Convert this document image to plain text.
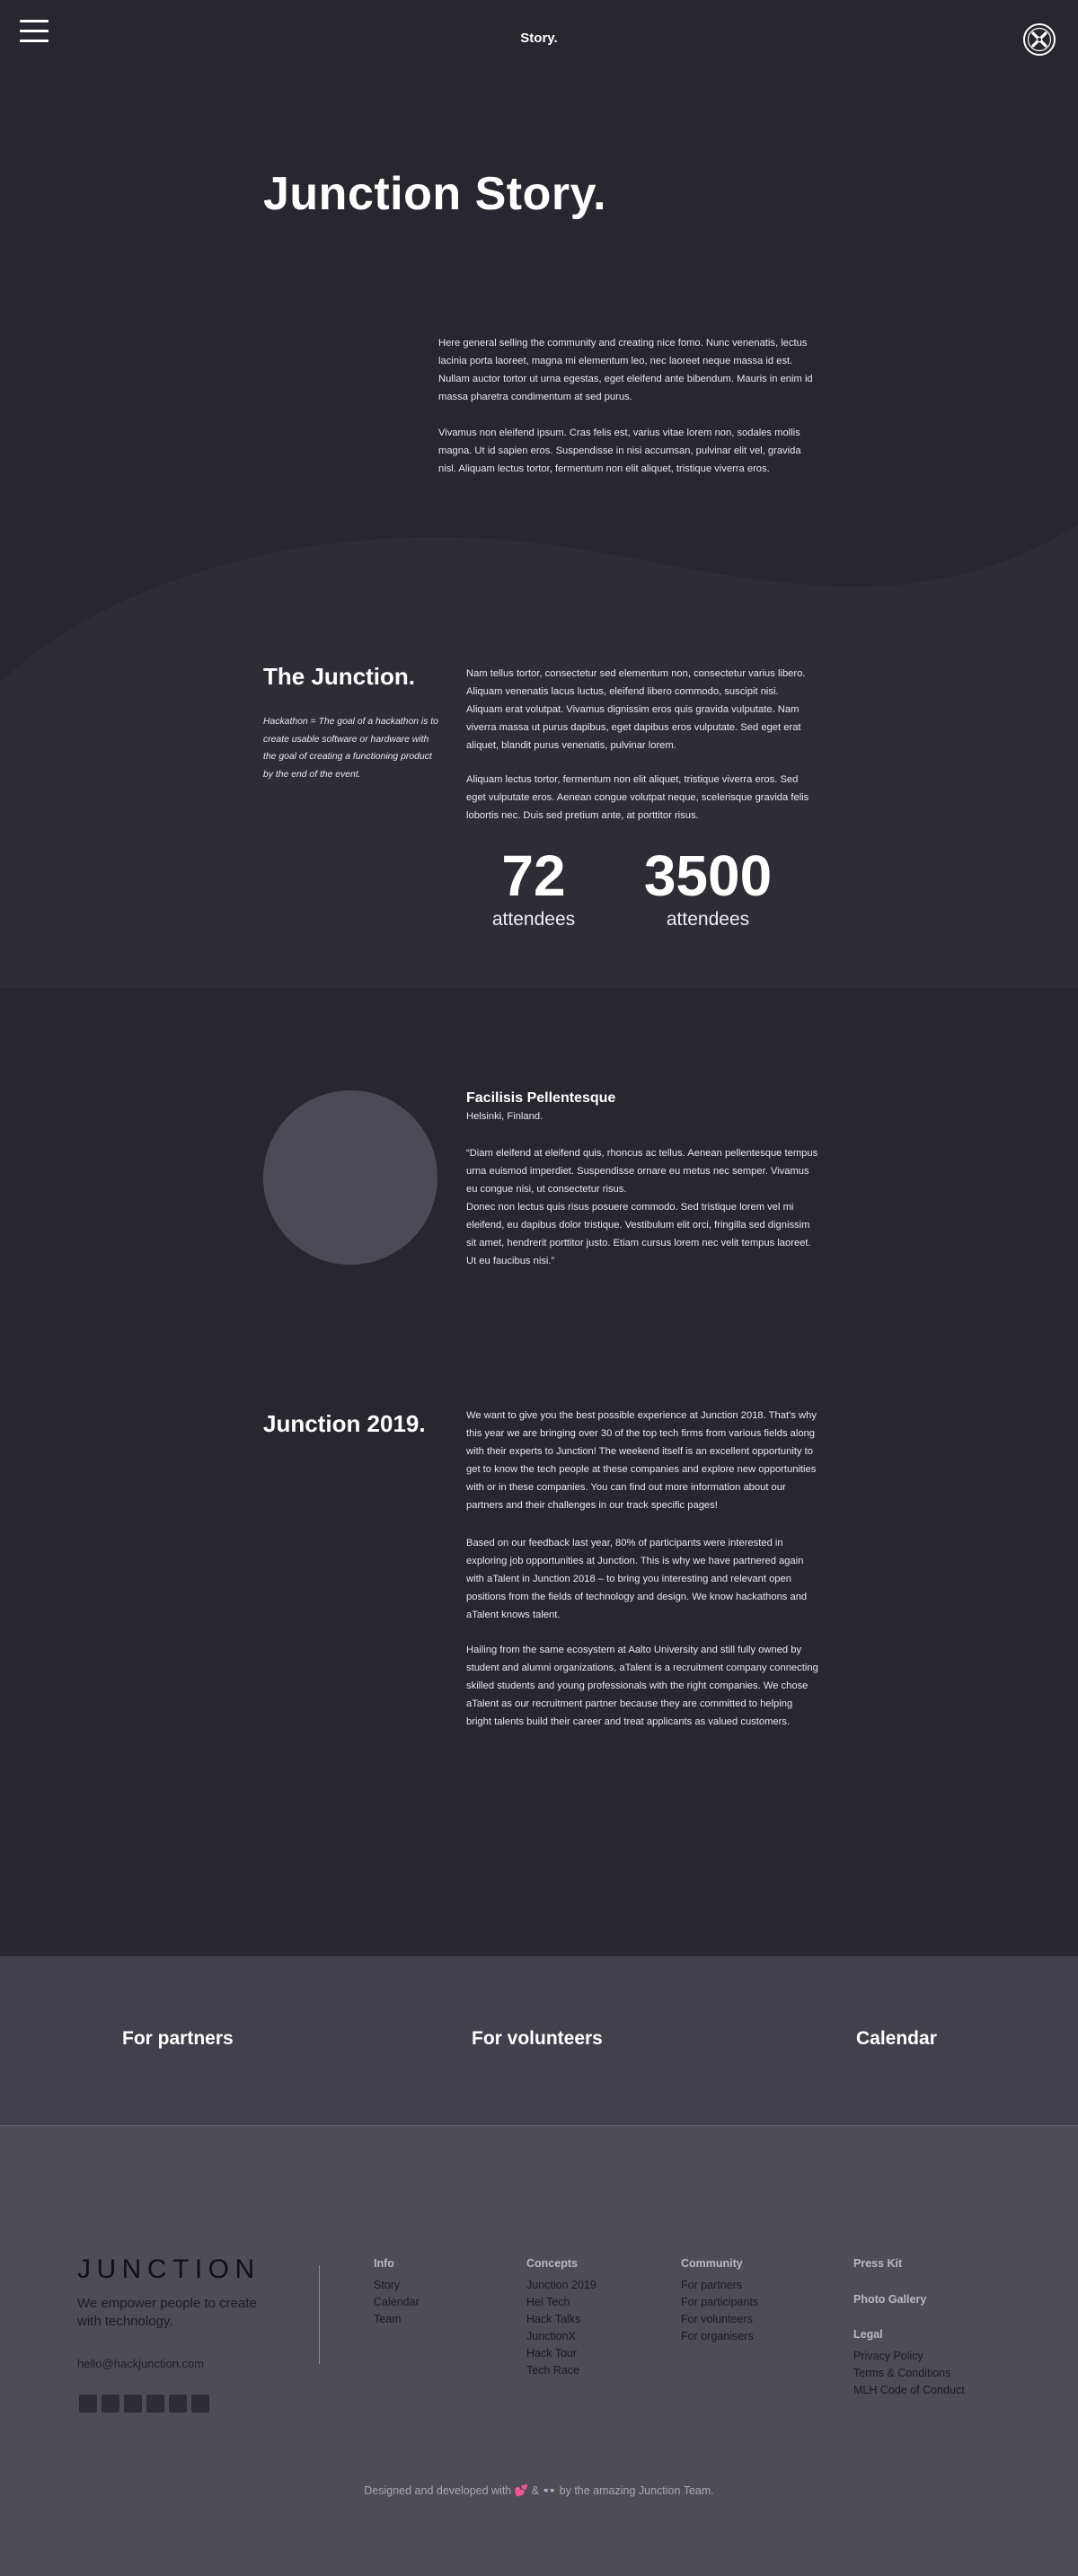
Story.
Junction Story.

Here general selling the community and creating nice fomo. Nunc venenatis, lectus lacinia porta laoreet, magna mi elementum leo, nec laoreet neque massa id est. Nullam auctor tortor ut urna egestas, eget eleifend ante bibendum. Mauris in enim id massa pharetra condimentum at sed purus.

Vivamus non eleifend ipsum. Cras felis est, varius vitae lorem non, sodales mollis magna. Ut id sapien eros. Suspendisse in nisi accumsan, pulvinar elit vel, gravida nisl. Aliquam lectus tortor, fermentum non elit aliquet, tristique viverra eros.

The Junction.

Hackathon = The goal of a hackathon is to create usable software or hardware with the goal of creating a functioning product by the end of the event.

Nam tellus tortor, consectetur sed elementum non, consectetur varius libero. Aliquam venenatis lacus luctus, eleifend libero commodo, suscipit nisi. Aliquam erat volutpat. Vivamus dignissim eros quis gravida vulputate. Nam viverra massa ut purus dapibus, eget dapibus eros vulputate. Sed eget erat aliquet, blandit purus venenatis, pulvinar lorem.

Aliquam lectus tortor, fermentum non elit aliquet, tristique viverra eros. Sed eget vulputate eros. Aenean congue volutpat neque, scelerisque gravida felis lobortis nec. Duis sed pretium ante, at porttitor risus.

72
attendees
3500
attendees
Facilisis Pellentesque
Helsinki, Finland.

“Diam eleifend at eleifend quis, rhoncus ac tellus. Aenean pellentesque tempus urna euismod imperdiet. Suspendisse ornare eu metus nec semper. Vivamus eu congue nisi, ut consectetur risus.

Donec non lectus quis risus posuere commodo. Sed tristique lorem vel mi eleifend, eu dapibus dolor tristique. Vestibulum elit orci, fringilla sed dignissim sit amet, hendrerit porttitor justo. Etiam cursus lorem nec velit tempus laoreet. Ut eu faucibus nisi.”

Junction 2019.	We want to give you the best possible experience at Junction 2018. That’s why this year we are bringing over 30 of the top tech firms from various fields along with their experts to Junction! The weekend itself is an excellent opportunity to get to know the tech people at these companies and explore new opportunities with or in these companies. You can find out more information about our partners and their challenges in our track specific pages!

Based on our feedback last year, 80% of participants were interested in exploring job opportunities at Junction. This is why we have partnered again with aTalent in Junction 2018 – to bring you interesting and relevant open positions from the fields of technology and design. We know hackathons and aTalent knows talent.

Hailing from the same ecosystem at Aalto University and still fully owned by student and alumni organizations, aTalent is a recruitment company connecting skilled students and young professionals with the right companies. We chose aTalent as our recruitment partner because they are committed to helping bright talents build their career and treat applicants as valued customers.

For partners	For volunteers	Calendar
JUNCTION
We empower people to create with technology.
hello@hackjunction.com
Info
Story
Calendar
Team
Concepts
Junction 2019
Hel Tech
Hack Talks
JunctionX
Hack Tour
Tech Race
Community
For partners
For participants
For volunteers
For organisers
Press Kit
Photo Gallery
Legal
Privacy Policy
Terms & Conditions
MLH Code of Conduct
Designed and developed with 💕 & 👓 by the amazing Junction Team.
